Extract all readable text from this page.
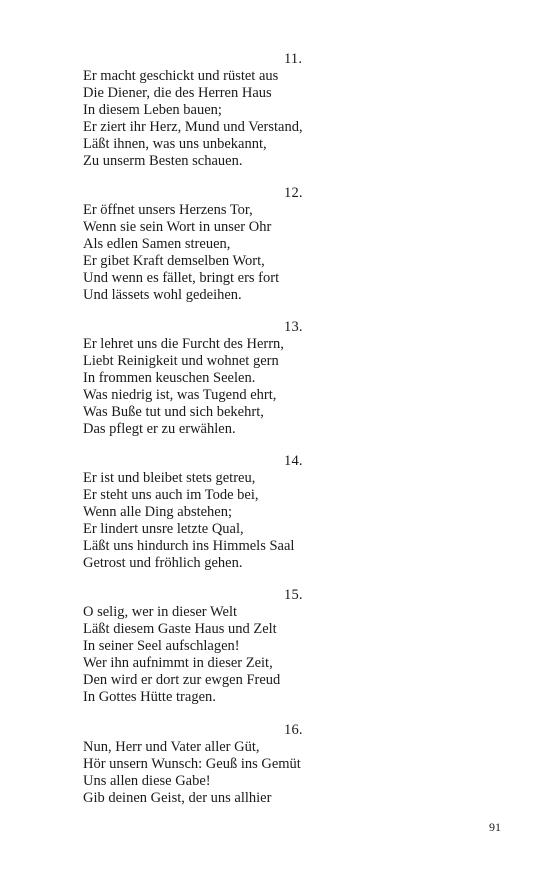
11.
Er macht geschickt und rüstet aus
Die Diener, die des Herren Haus
In diesem Leben bauen;
Er ziert ihr Herz, Mund und Verstand,
Läßt ihnen, was uns unbekannt,
Zu unserm Besten schauen.
12.
Er öffnet unsers Herzens Tor,
Wenn sie sein Wort in unser Ohr
Als edlen Samen streuen,
Er gibet Kraft demselben Wort,
Und wenn es fället, bringt ers fort
Und lässets wohl gedeihen.
13.
Er lehret uns die Furcht des Herrn,
Liebt Reinigkeit und wohnet gern
In frommen keuschen Seelen.
Was niedrig ist, was Tugend ehrt,
Was Buße tut und sich bekehrt,
Das pflegt er zu erwählen.
14.
Er ist und bleibet stets getreu,
Er steht uns auch im Tode bei,
Wenn alle Ding abstehen;
Er lindert unsre letzte Qual,
Läßt uns hindurch ins Himmels Saal
Getrost und fröhlich gehen.
15.
O selig, wer in dieser Welt
Läßt diesem Gaste Haus und Zelt
In seiner Seel aufschlagen!
Wer ihn aufnimmt in dieser Zeit,
Den wird er dort zur ewgen Freud
In Gottes Hütte tragen.
16.
Nun, Herr und Vater aller Güt,
Hör unsern Wunsch: Geuß ins Gemüt
Uns allen diese Gabe!
Gib deinen Geist, der uns allhier
91
